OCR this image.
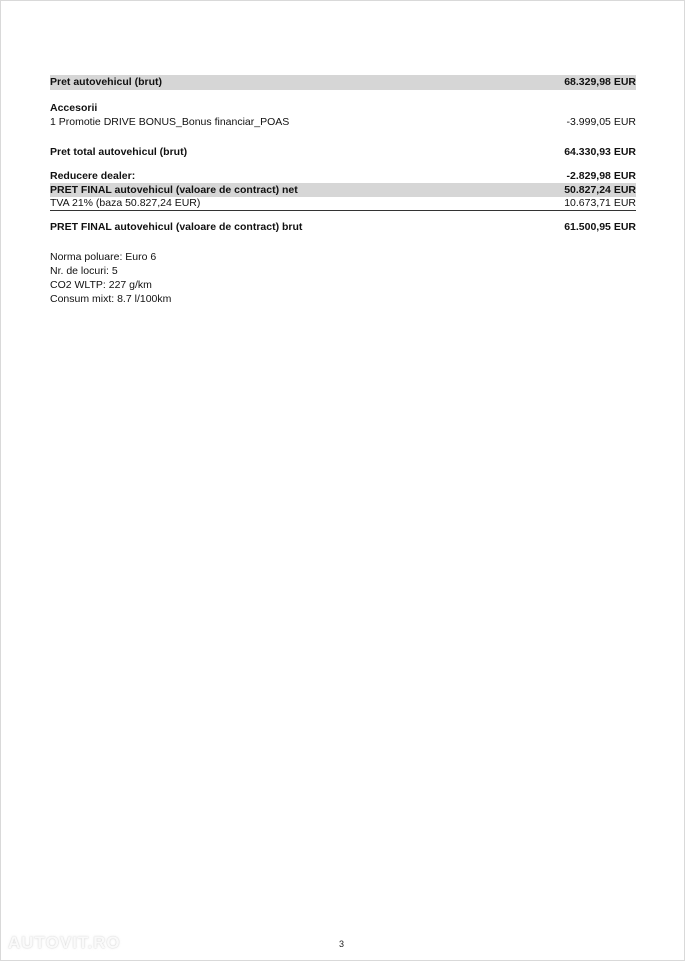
Pret autovehicul (brut)	68.329,98 EUR
Accesorii
1 Promotie DRIVE BONUS_Bonus financiar_POAS	-3.999,05 EUR
Pret total autovehicul (brut)	64.330,93 EUR
Reducere dealer:	-2.829,98 EUR
PRET FINAL autovehicul (valoare de contract) net	50.827,24 EUR
TVA 21% (baza 50.827,24 EUR)	10.673,71 EUR
PRET FINAL autovehicul (valoare de contract) brut	61.500,95 EUR
Norma poluare: Euro 6
Nr. de locuri: 5
CO2 WLTP: 227 g/km
Consum mixt: 8.7 l/100km
AUTOVIT.RO	3
